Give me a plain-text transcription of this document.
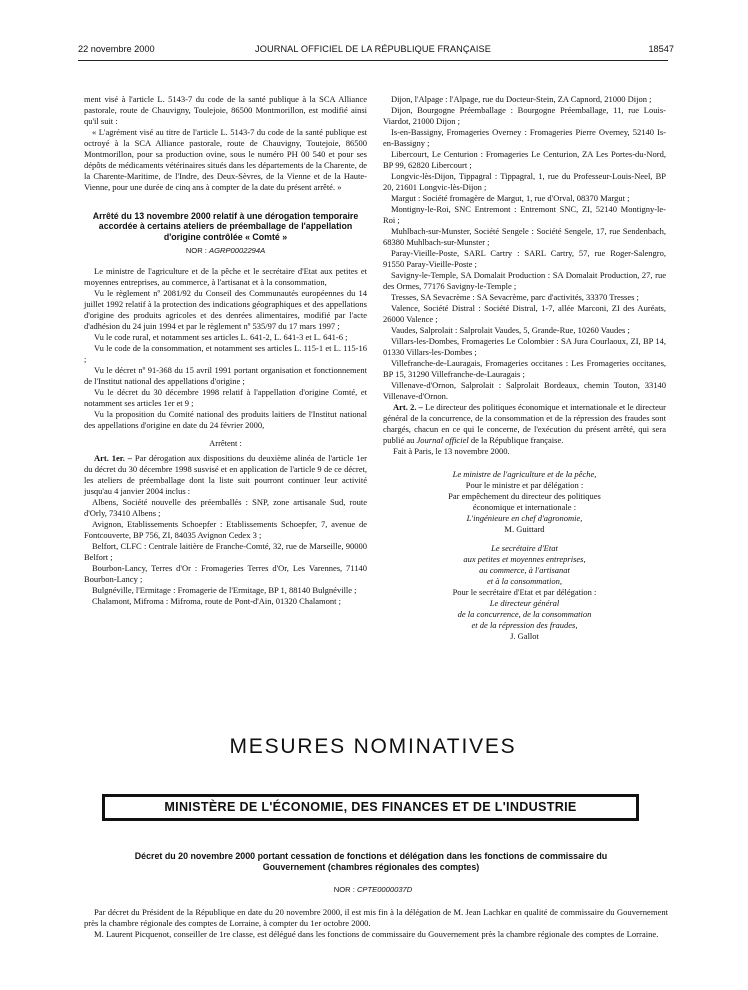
22 novembre 2000	JOURNAL OFFICIEL DE LA RÉPUBLIQUE FRANÇAISE	18547

ment visé à l'article L. 5143-7 du code de la santé publique à la SCA Alliance pastorale, route de Chauvigny, Toulejoie, 86500 Montmorillon, est modifié ainsi qu'il suit :

« L'agrément visé au titre de l'article L. 5143-7 du code de la santé publique est octroyé à la SCA Alliance pastorale, route de Chauvigny, Toutejoie, 86500 Montmorillon, pour sa production ovine, sous le numéro PH 00 540 et pour ses dépôts de médicaments vétérinaires situés dans les départements de la Charente, de la Charente-Maritime, de l'Indre, des Deux-Sèvres, de la Vienne et de la Haute-Vienne, pour une durée de cinq ans à compter de la date du présent arrêté. »

Arrêté du 13 novembre 2000 relatif à une dérogation temporaire accordée à certains ateliers de préemballage de l'appellation d'origine contrôlée « Comté »
NOR : AGRP0002294A

Le ministre de l'agriculture et de la pêche et le secrétaire d'Etat aux petites et moyennes entreprises, au commerce, à l'artisanat et à la consommation,

Vu le règlement nº 2081/92 du Conseil des Communautés européennes du 14 juillet 1992 relatif à la protection des indications géographiques et des appellations d'origine des produits agricoles et des denrées alimentaires, modifié par l'acte d'adhésion du 24 juin 1994 et par le règlement nº 535/97 du 17 mars 1997 ;

Vu le code rural, et notamment ses articles L. 641-2, L. 641-3 et L. 641-6 ;

Vu le code de la consommation, et notamment ses articles L. 115-1 et L. 115-16 ;

Vu le décret nº 91-368 du 15 avril 1991 portant organisation et fonctionnement de l'Institut national des appellations d'origine ;

Vu le décret du 30 décembre 1998 relatif à l'appellation d'origine Comté, et notamment ses articles 1er et 9 ;

Vu la proposition du Comité national des produits laitiers de l'Institut national des appellations d'origine en date du 24 février 2000,

Arrêtent :

Art. 1er. – Par dérogation aux dispositions du deuxième alinéa de l'article 1er du décret du 30 décembre 1998 susvisé et en application de l'article 9 de ce décret, les ateliers de préemballage dont la liste suit pourront continuer leur activité jusqu'au 4 janvier 2004 inclus :

Albens, Société nouvelle des préemballés : SNP, zone artisanale Sud, route d'Orly, 73410 Albens ;

Avignon, Etablissements Schoepfer : Etablissements Schoepfer, 7, avenue de Fontcouverte, BP 756, ZI, 84035 Avignon Cedex 3 ;

Belfort, CLFC : Centrale laitière de Franche-Comté, 32, rue de Marseille, 90000 Belfort ;

Bourbon-Lancy, Terres d'Or : Fromageries Terres d'Or, Les Varennes, 71140 Bourbon-Lancy ;

Bulgnéville, l'Ermitage : Fromagerie de l'Ermitage, BP 1, 88140 Bulgnéville ;

Chalamont, Mifroma : Mifroma, route de Pont-d'Ain, 01320 Chalamont ;

Dijon, l'Alpage : l'Alpage, rue du Docteur-Stein, ZA Capnord, 21000 Dijon ;

Dijon, Bourgogne Préemballage : Bourgogne Préemballage, 11, rue Louis-Viardot, 21000 Dijon ;

Is-en-Bassigny, Fromageries Overney : Fromageries Pierre Overney, 52140 Is-en-Bassigny ;

Libercourt, Le Centurion : Fromageries Le Centurion, ZA Les Portes-du-Nord, BP 99, 62820 Libercourt ;

Longvic-lès-Dijon, Tippagral : Tippagral, 1, rue du Professeur-Louis-Neel, BP 20, 21601 Longvic-lès-Dijon ;

Margut : Société fromagère de Margut, 1, rue d'Orval, 08370 Margut ;

Montigny-le-Roi, SNC Entremont : Entremont SNC, ZI, 52140 Montigny-le-Roi ;

Muhlbach-sur-Munster, Société Sengele : Société Sengele, 17, rue Sendenbach, 68380 Muhlbach-sur-Munster ;

Paray-Vieille-Poste, SARL Cartry : SARL Cartry, 57, rue Roger-Salengro, 91550 Paray-Vieille-Poste ;

Savigny-le-Temple, SA Domalait Production : SA Domalait Production, 27, rue des Ormes, 77176 Savigny-le-Temple ;

Tresses, SA Sevacrème : SA Sevacrème, parc d'activités, 33370 Tresses ;

Valence, Société Distral : Société Distral, 1-7, allée Marconi, ZI des Auréats, 26000 Valence ;

Vaudes, Salprolait : Salprolait Vaudes, 5, Grande-Rue, 10260 Vaudes ;

Villars-les-Dombes, Fromageries Le Colombier : SA Jura Courlaoux, ZI, BP 14, 01330 Villars-les-Dombes ;

Villefranche-de-Lauragais, Fromageries occitanes : Les Fromageries occitanes, BP 15, 31290 Villefranche-de-Lauragais ;

Villenave-d'Ornon, Salprolait : Salprolait Bordeaux, chemin Touton, 33140 Villenave-d'Ornon.

Art. 2. – Le directeur des politiques économique et internationale et le directeur général de la concurrence, de la consommation et de la répression des fraudes sont chargés, chacun en ce qui le concerne, de l'exécution du présent arrêté, qui sera publié au Journal officiel de la République française.

Fait à Paris, le 13 novembre 2000.

Le ministre de l'agriculture et de la pêche,
Pour le ministre et par délégation :
Par empêchement du directeur des politiques
économique et internationale :
L'ingénieure en chef d'agronomie,
M. Guittard
Le secrétaire d'Etat
aux petites et moyennes entreprises,
au commerce, à l'artisanat
et à la consommation,

Pour le secrétaire d'Etat et par délégation :

Le directeur général
de la concurrence, de la consommation
et de la répression des fraudes,
J. Gallot
MESURES NOMINATIVES
MINISTÈRE DE L'ÉCONOMIE, DES FINANCES ET DE L'INDUSTRIE
Décret du 20 novembre 2000 portant cessation de fonctions et délégation dans les fonctions de commissaire du Gouvernement (chambres régionales des comptes)
NOR : CPTE0000037D

Par décret du Président de la République en date du 20 novembre 2000, il est mis fin à la délégation de M. Jean Lachkar en qualité de commissaire du Gouvernement près la chambre régionale des comptes de Lorraine, à compter du 1er octobre 2000.

M. Laurent Picquenot, conseiller de 1re classe, est délégué dans les fonctions de commissaire du Gouvernement près la chambre régionale des comptes de Lorraine.
